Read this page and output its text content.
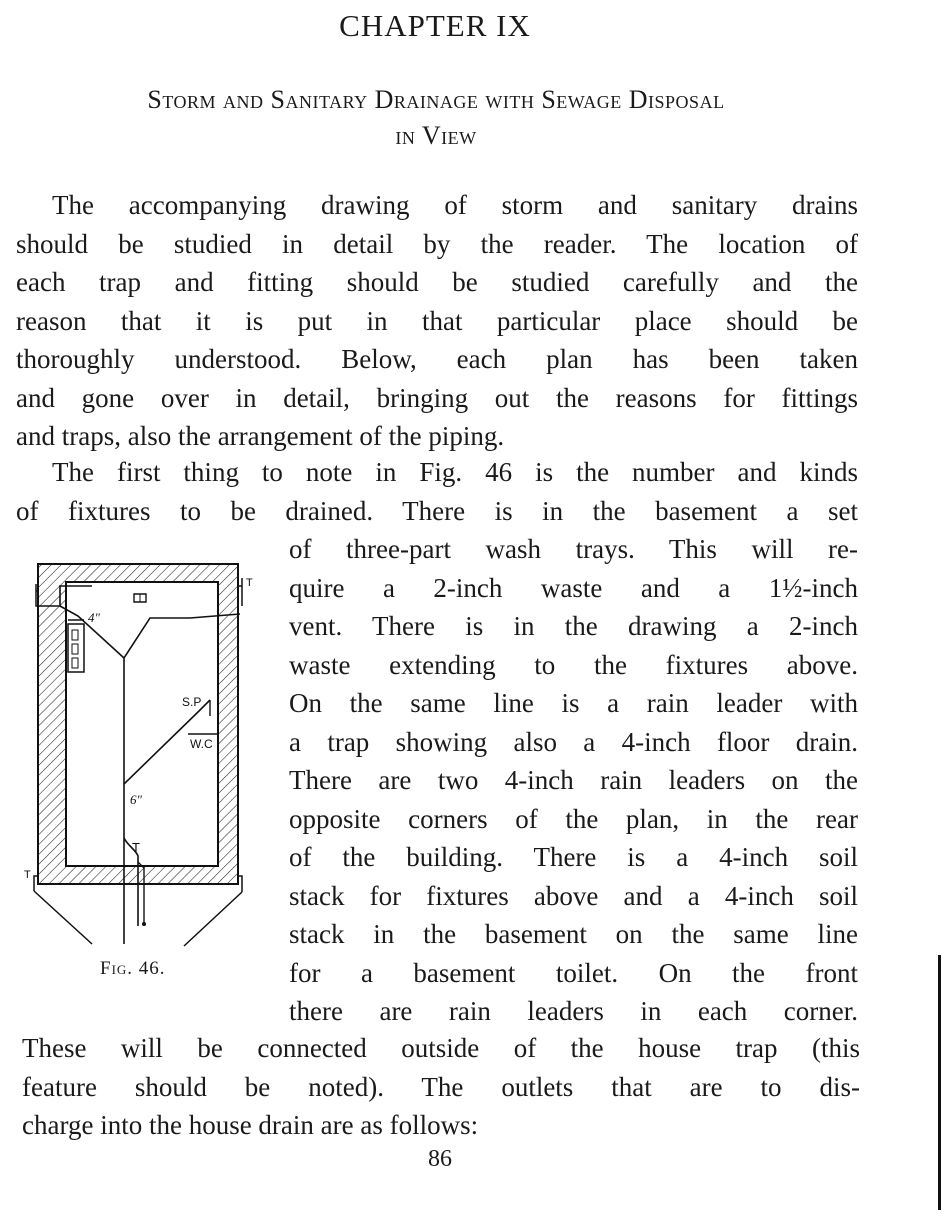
CHAPTER IX
Storm and Sanitary Drainage with Sewage Disposal
in View
The accompanying drawing of storm and sanitary drains
should be studied in detail by the reader. The location of
each trap and fitting should be studied carefully and the
reason that it is put in that particular place should be
thoroughly understood. Below, each plan has been taken
and gone over in detail, bringing out the reasons for fittings
and traps, also the arrangement of the piping.
The first thing to note in Fig. 46 is the number and kinds
of fixtures to be drained. There is in the basement a set
of three-part wash trays. This will re-
quire a 2-inch waste and a 1½-inch
vent. There is in the drawing a 2-inch
waste extending to the fixtures above.
On the same line is a rain leader with
a trap showing also a 4-inch floor drain.
There are two 4-inch rain leaders on the
opposite corners of the plan, in the rear
of the building. There is a 4-inch soil
stack for fixtures above and a 4-inch soil
stack in the basement on the same line
for a basement toilet. On the front
there are rain leaders in each corner.
These will be connected outside of the house trap (this
feature should be noted). The outlets that are to dis-
charge into the house drain are as follows:
4"
S.P
W.C
6"
T
T
T
Fig. 46.
86
